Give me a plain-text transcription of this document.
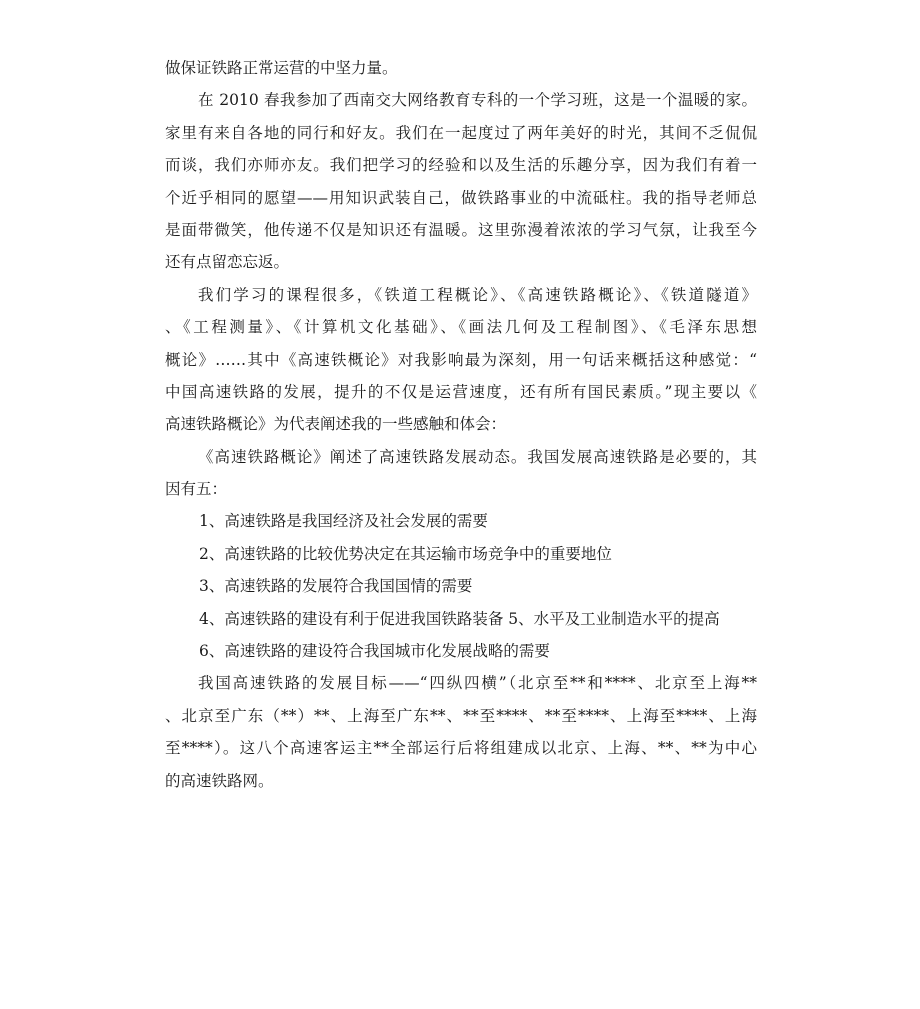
做保证铁路正常运营的中坚力量。
在 2010 春我参加了西南交大网络教育专科的一个学习班，这是一个温暖的家。
家里有来自各地的同行和好友。我们在一起度过了两年美好的时光，其间不乏侃侃
而谈，我们亦师亦友。我们把学习的经验和以及生活的乐趣分享，因为我们有着一
个近乎相同的愿望——用知识武装自己，做铁路事业的中流砥柱。我的指导老师总
是面带微笑，他传递不仅是知识还有温暖。这里弥漫着浓浓的学习气氛，让我至今
还有点留恋忘返。
我们学习的课程很多，《铁道工程概论》、《高速铁路概论》、《铁道隧道》
、《工程测量》、《计算机文化基础》、《画法几何及工程制图》、《毛泽东思想
概论》……其中《高速铁概论》对我影响最为深刻，用一句话来概括这种感觉：“
中国高速铁路的发展，提升的不仅是运营速度，还有所有国民素质。”现主要以《
高速铁路概论》为代表阐述我的一些感触和体会：
《高速铁路概论》阐述了高速铁路发展动态。我国发展高速铁路是必要的，其
因有五：
1、高速铁路是我国经济及社会发展的需要
2、高速铁路的比较优势决定在其运输市场竞争中的重要地位
3、高速铁路的发展符合我国国情的需要
4、高速铁路的建设有利于促进我国铁路装备 5、水平及工业制造水平的提高
6、高速铁路的建设符合我国城市化发展战略的需要
我国高速铁路的发展目标——“四纵四横”（北京至**和****、北京至上海**
、北京至广东（**）**、上海至广东**、**至****、**至****、上海至****、上海
至****）。这八个高速客运主**全部运行后将组建成以北京、上海、**、**为中心
的高速铁路网。
